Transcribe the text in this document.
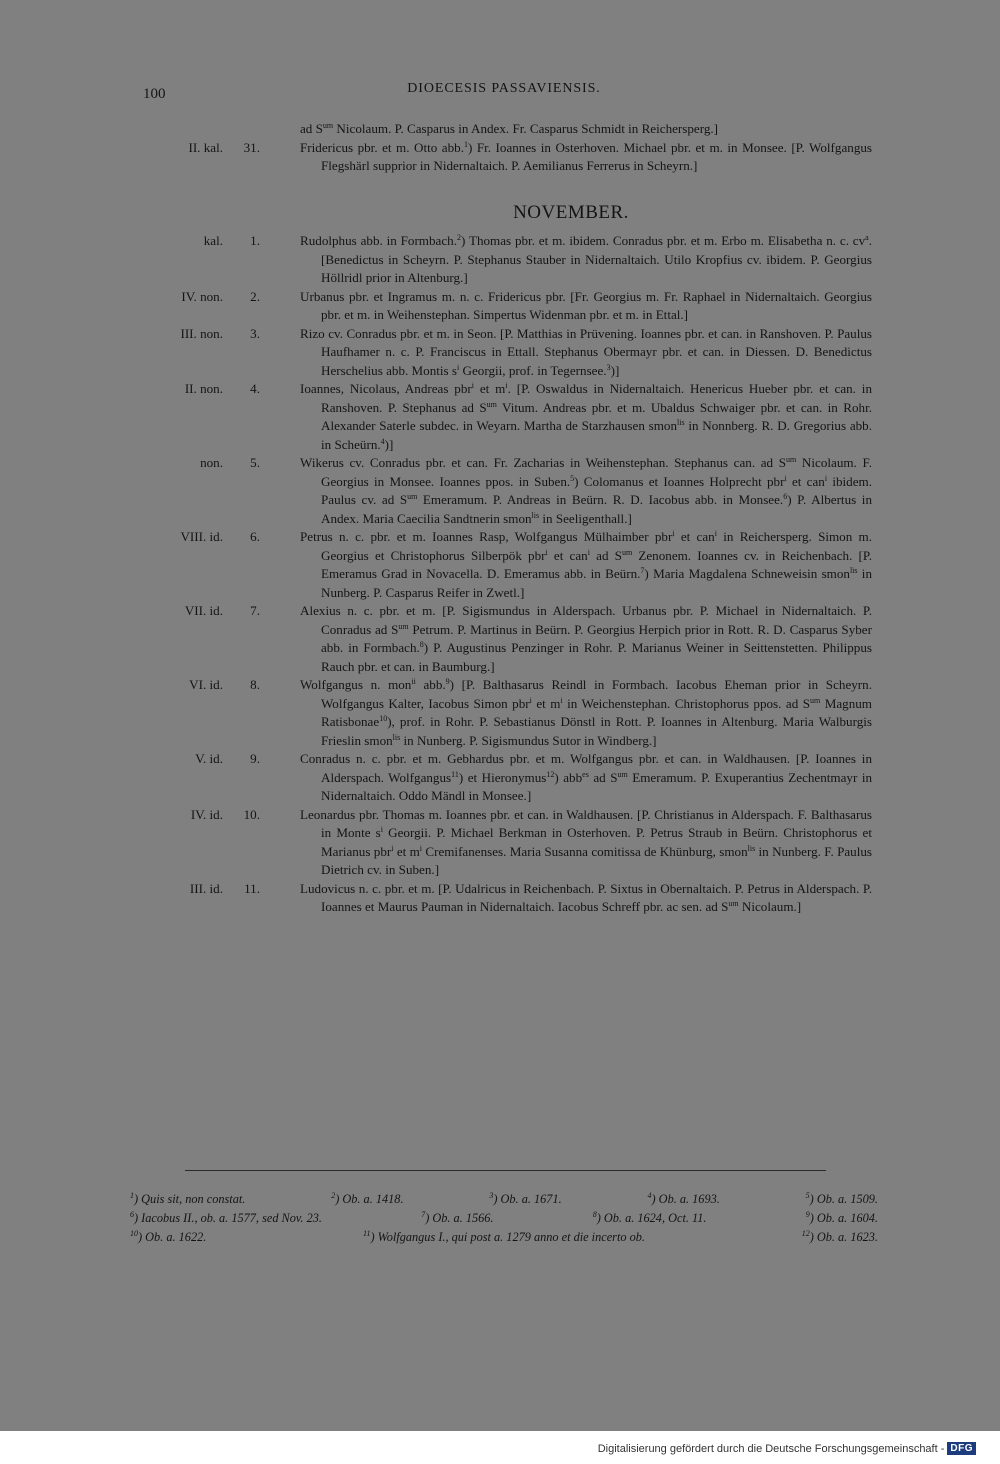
100	DIOECESIS PASSAVIENSIS.
ad $S^{um}$ Nicolaum. P. Casparus in Andex. Fr. Casparus Schmidt in Reichersperg.]
II. kal.	31.	Fridericus pbr. et m. Otto abb.$^1$) Fr. Ioannes in Osterhoven. Michael pbr. et m. in Monsee. [P. Wolfgangus Flegshärl supprior in Nidernaltaich. P. Aemilianus Ferrerus in Scheyrn.]
NOVEMBER.
kal.	1.	Rudolphus abb. in Formbach.$^2$) Thomas pbr. et m. ibidem. Conradus pbr. et m. Erbo m. Elisabetha n. c. $cv^a$. [Benedictus in Scheyrn. P. Stephanus Stauber in Nidernaltaich. Utilo Kropfius cv. ibidem. P. Georgius Höllridl prior in Altenburg.]
IV. non.	2.	Urbanus pbr. et Ingramus m. n. c. Fridericus pbr. [Fr. Georgius m. Fr. Raphael in Nidernaltaich. Georgius pbr. et m. in Weihenstephan. Simpertus Widenman pbr. et m. in Ettal.]
III. non.	3.	Rizo cv. Conradus pbr. et m. in Seon. [P. Matthias in Prüvening. Ioannes pbr. et can. in Ranshoven. P. Paulus Haufhamer n. c. P. Franciscus in Ettall. Stephanus Obermayr pbr. et can. in Diessen. D. Benedictus Herschelius abb. Montis $s^i$ Georgii, prof. in Tegernsee.$^3$)]
II. non.	4.	Ioannes, Nicolaus, Andreas pbr$^i$ et $m^i$. [P. Oswaldus in Nidernaltaich. Henericus Hueber pbr. et can. in Ranshoven. P. Stephanus ad $S^{um}$ Vitum. Andreas pbr. et m. Ubaldus Schwaiger pbr. et can. in Rohr. Alexander Saterle subdec. in Weyarn. Martha de Starzhausen smon$^{lis}$ in Nonnberg. R. D. Gregorius abb. in Scheürn.$^4$)]
non.	5.	Wikerus cv. Conradus pbr. et can. Fr. Zacharias in Weihenstephan. Stephanus can. ad $S^{um}$ Nicolaum. F. Georgius in Monsee. Ioannes ppos. in Suben.$^5$) Colomanus et Ioannes Holprecht pbr$^i$ et can$^i$ ibidem. Paulus cv. ad $S^{um}$ Emeramum. P. Andreas in Beürn. R. D. Iacobus abb. in Monsee.$^6$) P. Albertus in Andex. Maria Caecilia Sandtnerin smon$^{lis}$ in Seeligenthall.]
VIII. id.	6.	Petrus n. c. pbr. et m. Ioannes Rasp, Wolfgangus Mülhaimber pbr$^i$ et can$^i$ in Reichersperg. Simon m. Georgius et Christophorus Silberpök pbr$^i$ et can$^i$ ad $S^{um}$ Zenonem. Ioannes cv. in Reichenbach. [P. Emeramus Grad in Novacella. D. Emeramus abb. in Beürn.$^7$) Maria Magdalena Schneweisin smon$^{lis}$ in Nunberg. P. Casparus Reifer in Zwetl.]
VII. id.	7.	Alexius n. c. pbr. et m. [P. Sigismundus in Alderspach. Urbanus pbr. P. Michael in Nidernaltaich. P. Conradus ad $S^{um}$ Petrum. P. Martinus in Beürn. P. Georgius Herpich prior in Rott. R. D. Casparus Syber abb. in Formbach.$^8$) P. Augustinus Penzinger in Rohr. P. Marianus Weiner in Seittenstetten. Philippus Rauch pbr. et can. in Baumburg.]
VI. id.	8.	Wolfgangus n. mon$^{ii}$ abb.$^9$) [P. Balthasarus Reindl in Formbach. Iacobus Eheman prior in Scheyrn. Wolfgangus Kalter, Iacobus Simon pbr$^i$ et $m^i$ in Weichenstephan. Christophorus ppos. ad $S^{um}$ Magnum Ratisbonae$^{10}$), prof. in Rohr. P. Sebastianus Dönstl in Rott. P. Ioannes in Altenburg. Maria Walburgis Frieslin smon$^{lis}$ in Nunberg. P. Sigismundus Sutor in Windberg.]
V. id.	9.	Conradus n. c. pbr. et m. Gebhardus pbr. et m. Wolfgangus pbr. et can. in Waldhausen. [P. Ioannes in Alderspach. Wolfgangus$^{11}$) et Hieronymus$^{12}$) abb$^{es}$ ad $S^{um}$ Emeramum. P. Exuperantius Zechentmayr in Nidernaltaich. Oddo Mändl in Monsee.]
IV. id.	10.	Leonardus pbr. Thomas m. Ioannes pbr. et can. in Waldhausen. [P. Christianus in Alderspach. F. Balthasarus in Monte $s^i$ Georgii. P. Michael Berkman in Osterhoven. P. Petrus Straub in Beürn. Christophorus et Marianus pbr$^i$ et $m^i$ Cremifanenses. Maria Susanna comitissa de Khünburg, smon$^{lis}$ in Nunberg. F. Paulus Dietrich cv. in Suben.]
III. id.	11.	Ludovicus n. c. pbr. et m. [P. Udalricus in Reichenbach. P. Sixtus in Obernaltaich. P. Petrus in Alderspach. P. Ioannes et Maurus Pauman in Nidernaltaich. Iacobus Schreff pbr. ac sen. ad $S^{um}$ Nicolaum.]
$^1$) Quis sit, non constat.	$^2$) Ob. a. 1418.	$^3$) Ob. a. 1671.	$^4$) Ob. a. 1693.	$^5$) Ob. a. 1509.
$^6$) Iacobus II., ob. a. 1577, sed Nov. 23.	$^7$) Ob. a. 1566.	$^8$) Ob. a. 1624, Oct. 11.	$^9$) Ob. a. 1604.
$^{10}$) Ob. a. 1622.	$^{11}$) Wolfgangus I., qui post a. 1279 anno et die incerto ob.	$^{12}$) Ob. a. 1623.
Digitalisierung gefördert durch die Deutsche Forschungsgemeinschaft - DFG
